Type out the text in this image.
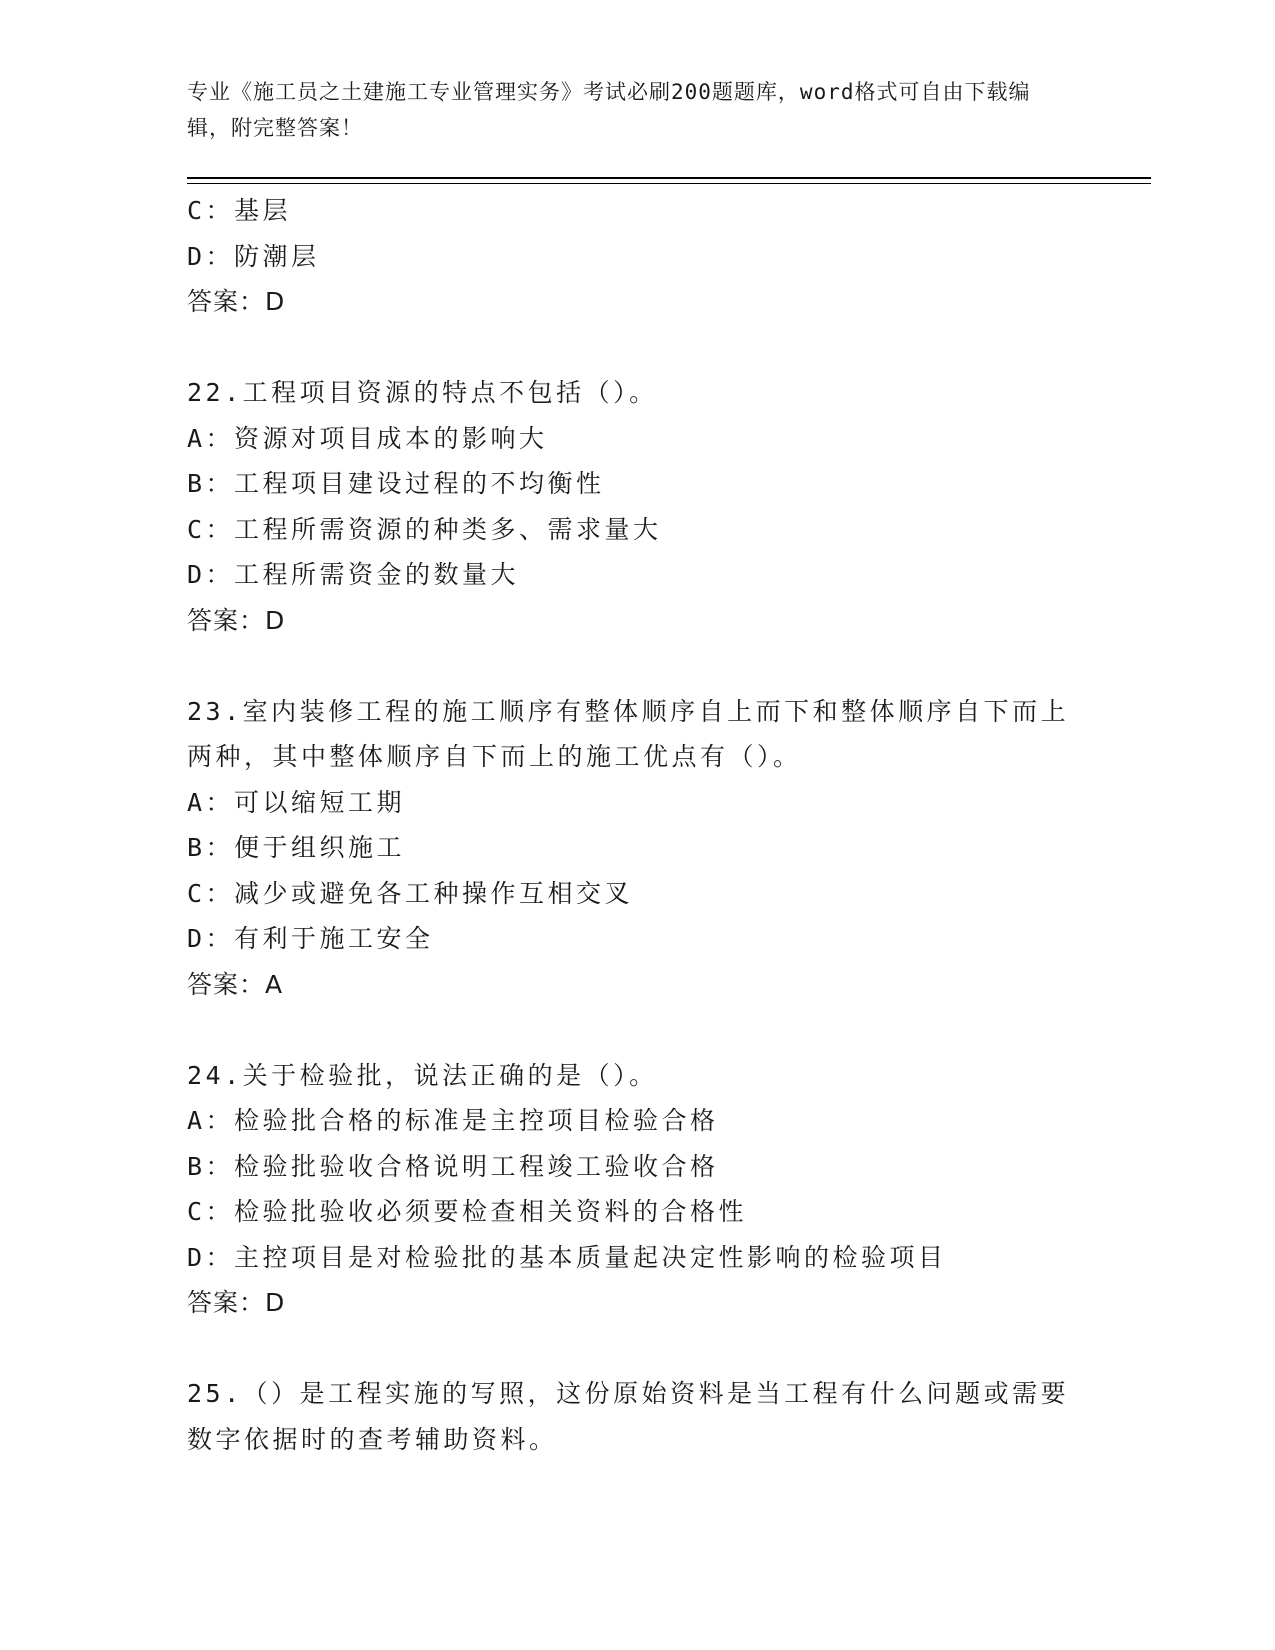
专业《施工员之土建施工专业管理实务》考试必刷200题题库，word格式可自由下载编辑，附完整答案！
C：基层
D：防潮层
答案：D
22.工程项目资源的特点不包括（）。
A：资源对项目成本的影响大
B：工程项目建设过程的不均衡性
C：工程所需资源的种类多、需求量大
D：工程所需资金的数量大
答案：D
23.室内装修工程的施工顺序有整体顺序自上而下和整体顺序自下而上两种，其中整体顺序自下而上的施工优点有（）。
A：可以缩短工期
B：便于组织施工
C：减少或避免各工种操作互相交叉
D：有利于施工安全
答案：A
24.关于检验批，说法正确的是（）。
A：检验批合格的标准是主控项目检验合格
B：检验批验收合格说明工程竣工验收合格
C：检验批验收必须要检查相关资料的合格性
D：主控项目是对检验批的基本质量起决定性影响的检验项目
答案：D
25.（）是工程实施的写照，这份原始资料是当工程有什么问题或需要数字依据时的查考辅助资料。
